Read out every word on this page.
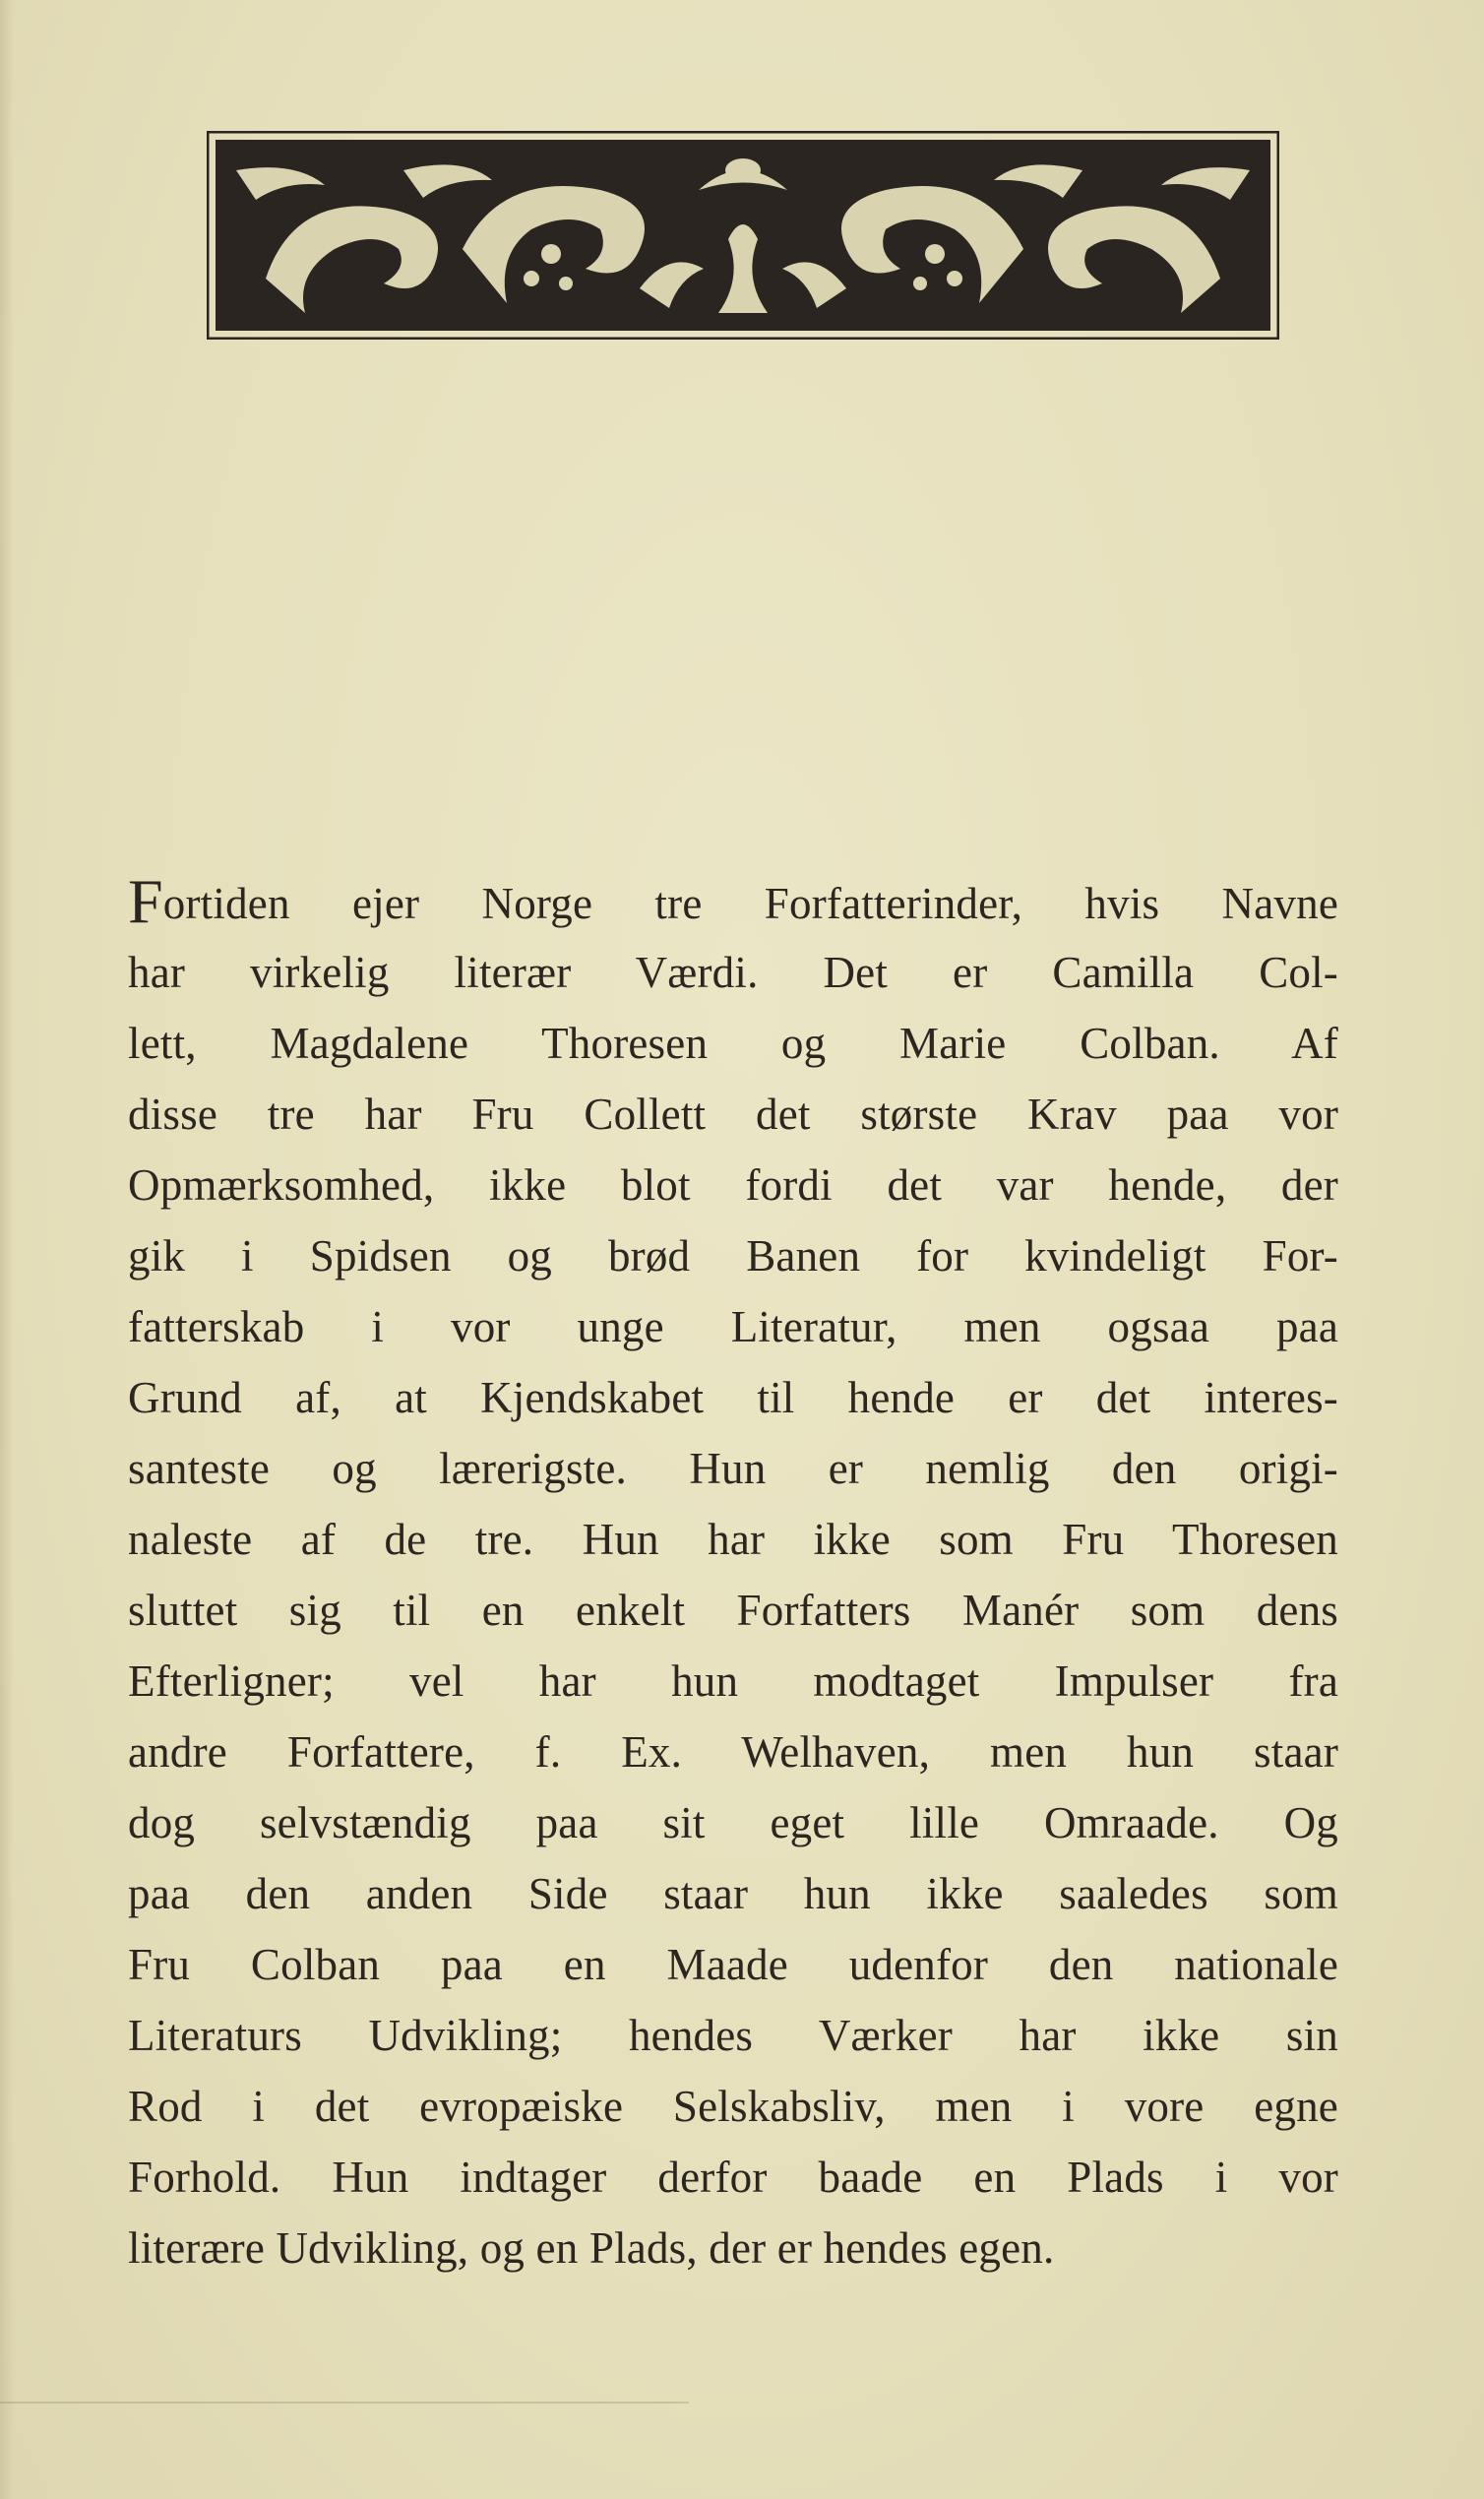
Fortiden ejer Norge tre Forfatterinder, hvis Navne
har virkelig literær Værdi. Det er Camilla Col-
lett, Magdalene Thoresen og Marie Colban. Af
disse tre har Fru Collett det største Krav paa vor
Opmærksomhed, ikke blot fordi det var hende, der
gik i Spidsen og brød Banen for kvindeligt For-
fatterskab i vor unge Literatur, men ogsaa paa
Grund af, at Kjendskabet til hende er det interes-
santeste og lærerigste. Hun er nemlig den origi-
naleste af de tre. Hun har ikke som Fru Thoresen
sluttet sig til en enkelt Forfatters Manér som dens
Efterligner; vel har hun modtaget Impulser fra
andre Forfattere, f. Ex. Welhaven, men hun staar
dog selvstændig paa sit eget lille Omraade. Og
paa den anden Side staar hun ikke saaledes som
Fru Colban paa en Maade udenfor den nationale
Literaturs Udvikling; hendes Værker har ikke sin
Rod i det evropæiske Selskabsliv, men i vore egne
Forhold. Hun indtager derfor baade en Plads i vor
literære Udvikling, og en Plads, der er hendes egen.
